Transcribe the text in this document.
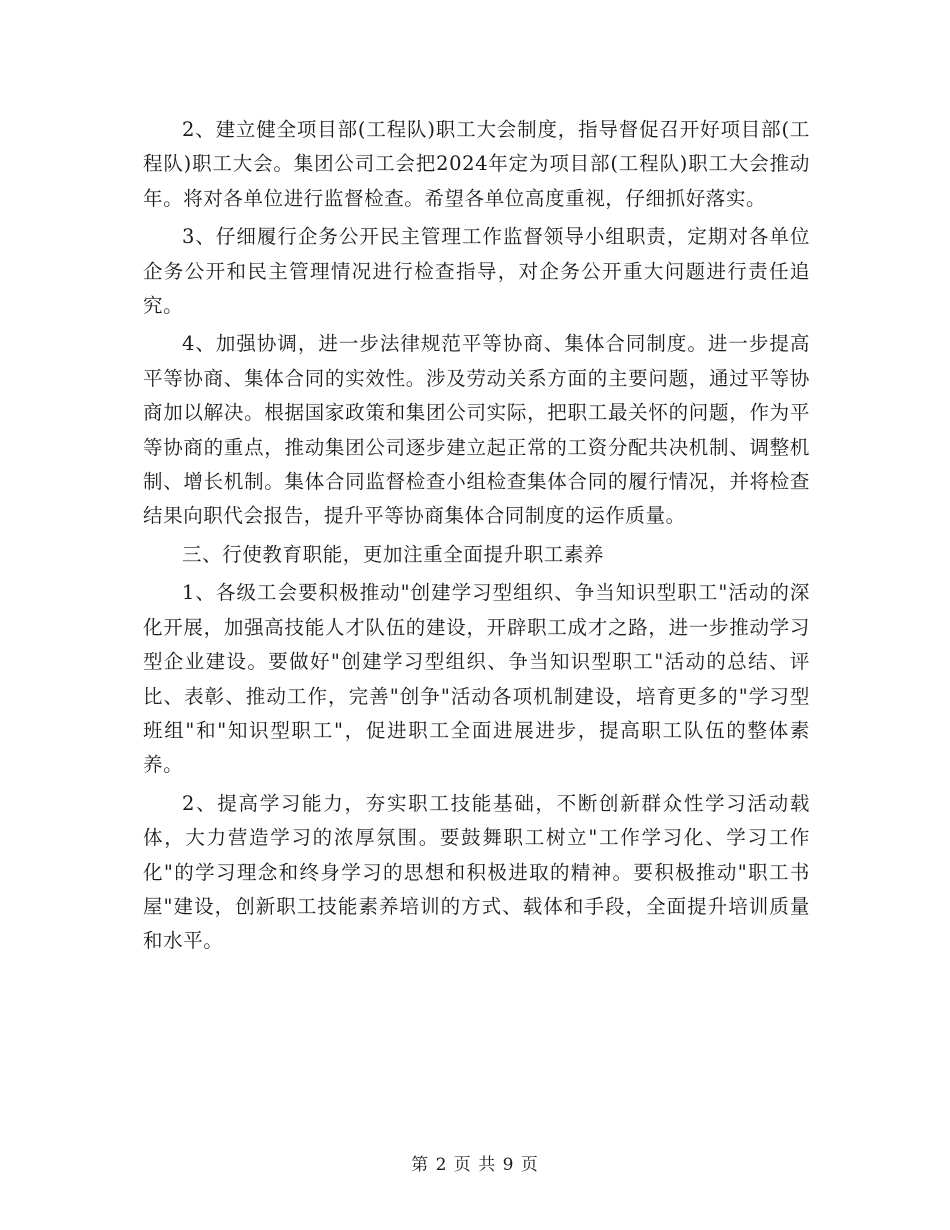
2、建立健全项目部(工程队)职工大会制度，指导督促召开好项目部(工程队)职工大会。集团公司工会把2024年定为项目部(工程队)职工大会推动年。将对各单位进行监督检查。希望各单位高度重视，仔细抓好落实。

3、仔细履行企务公开民主管理工作监督领导小组职责，定期对各单位企务公开和民主管理情况进行检查指导，对企务公开重大问题进行责任追究。

4、加强协调，进一步法律规范平等协商、集体合同制度。进一步提高平等协商、集体合同的实效性。涉及劳动关系方面的主要问题，通过平等协商加以解决。根据国家政策和集团公司实际，把职工最关怀的问题，作为平等协商的重点，推动集团公司逐步建立起正常的工资分配共决机制、调整机制、增长机制。集体合同监督检查小组检查集体合同的履行情况，并将检查结果向职代会报告，提升平等协商集体合同制度的运作质量。

三、行使教育职能，更加注重全面提升职工素养

1、各级工会要积极推动"创建学习型组织、争当知识型职工"活动的深化开展，加强高技能人才队伍的建设，开辟职工成才之路，进一步推动学习型企业建设。要做好"创建学习型组织、争当知识型职工"活动的总结、评比、表彰、推动工作，完善"创争"活动各项机制建设，培育更多的"学习型班组"和"知识型职工"，促进职工全面进展进步，提高职工队伍的整体素养。

2、提高学习能力，夯实职工技能基础，不断创新群众性学习活动载体，大力营造学习的浓厚氛围。要鼓舞职工树立"工作学习化、学习工作化"的学习理念和终身学习的思想和积极进取的精神。要积极推动"职工书屋"建设，创新职工技能素养培训的方式、载体和手段，全面提升培训质量和水平。

第 2 页 共 9 页
